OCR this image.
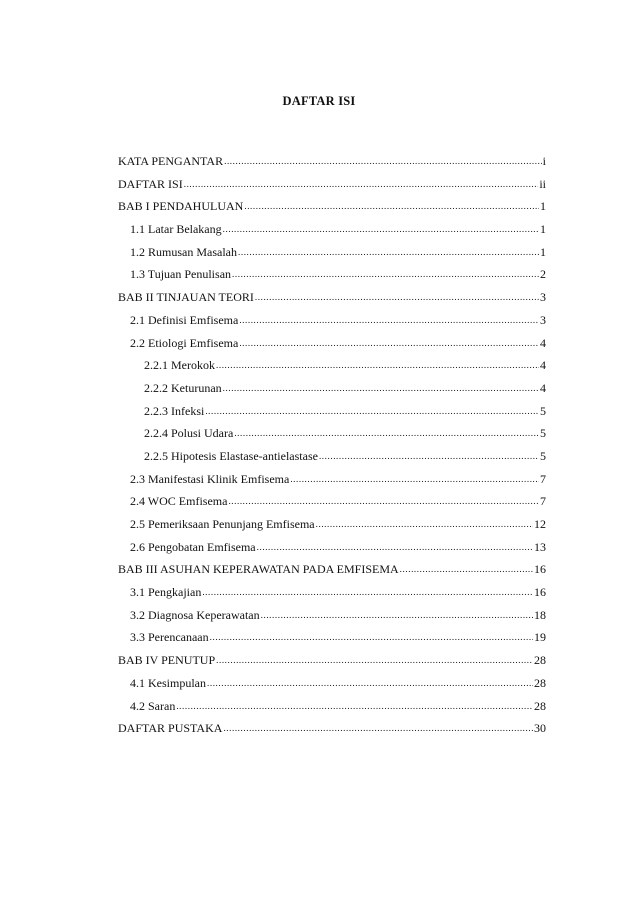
DAFTAR ISI
KATA PENGANTAR .....	i
DAFTAR ISI .....	ii
BAB I PENDAHULUAN .....	1
1.1 Latar Belakang .....	1
1.2 Rumusan Masalah .....	1
1.3 Tujuan Penulisan .....	2
BAB II TINJAUAN TEORI .....	3
2.1 Definisi Emfisema .....	3
2.2 Etiologi Emfisema .....	4
2.2.1 Merokok .....	4
2.2.2 Keturunan .....	4
2.2.3 Infeksi .....	5
2.2.4 Polusi Udara .....	5
2.2.5 Hipotesis Elastase-antielastase .....	5
2.3 Manifestasi Klinik Emfisema .....	7
2.4 WOC Emfisema .....	7
2.5 Pemeriksaan Penunjang Emfisema .....	12
2.6 Pengobatan Emfisema .....	13
BAB III ASUHAN KEPERAWATAN PADA EMFISEMA .....	16
3.1 Pengkajian .....	16
3.2 Diagnosa Keperawatan .....	18
3.3 Perencanaan .....	19
BAB IV PENUTUP .....	28
4.1 Kesimpulan .....	28
4.2 Saran .....	28
DAFTAR PUSTAKA .....	30
